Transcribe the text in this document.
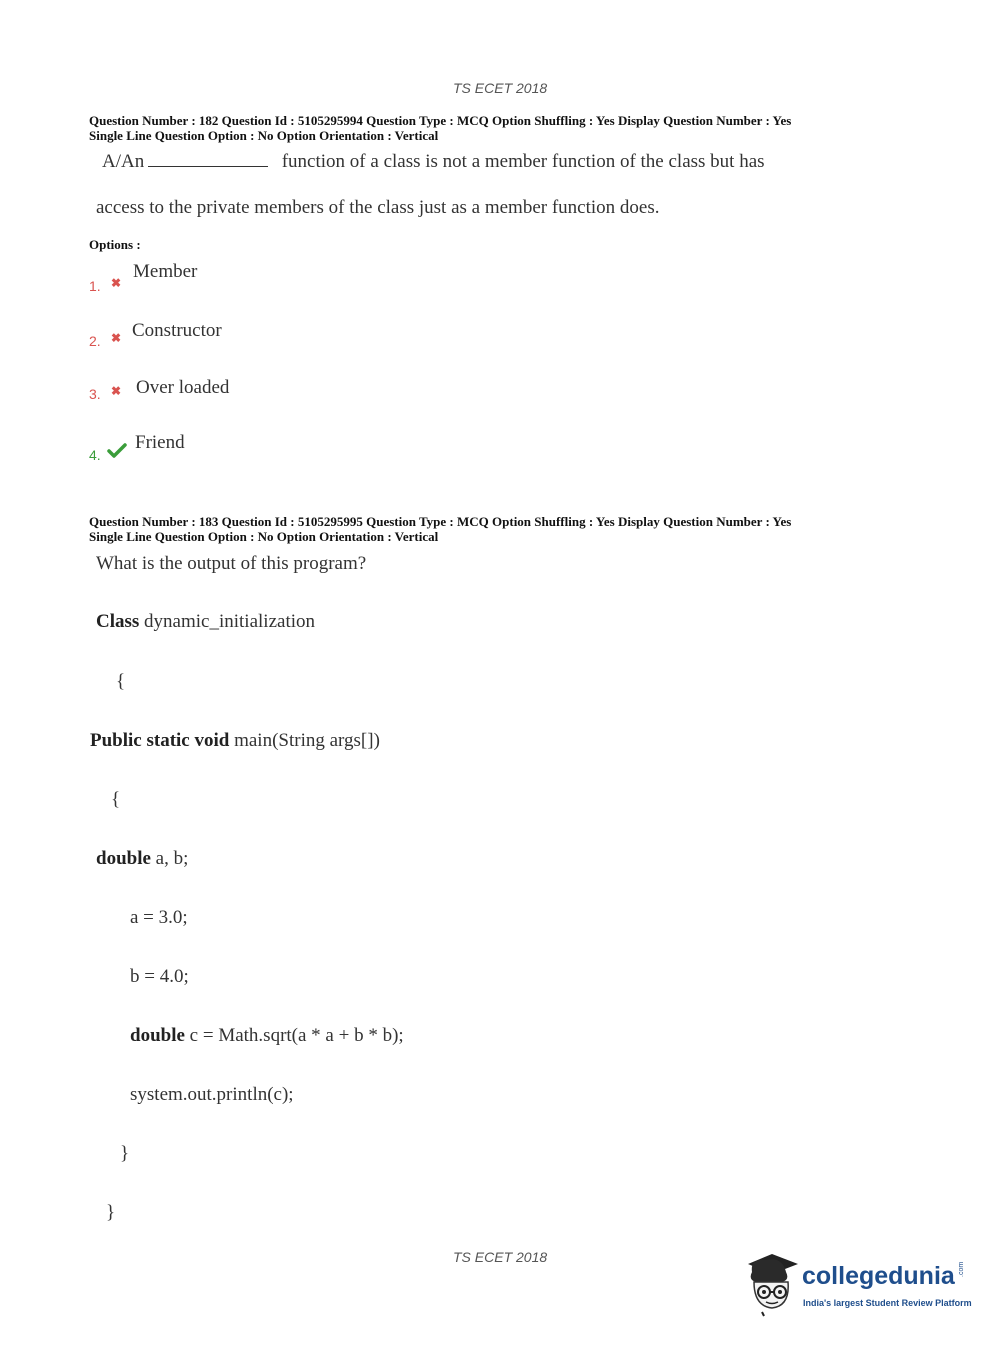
TS ECET 2018
Question Number : 182 Question Id : 5105295994 Question Type : MCQ Option Shuffling : Yes Display Question Number : Yes
Single Line Question Option : No Option Orientation : Vertical
A/An	function of a class is not a member function of the class but has
access to the private members of the class just as a member function does.
Options :
1. ✖
Member
2. ✖ Constructor
3. ✖ Over loaded
4.
Friend
Question Number : 183 Question Id : 5105295995 Question Type : MCQ Option Shuffling : Yes Display Question Number : Yes
Single Line Question Option : No Option Orientation : Vertical
What is the output of this program?
Class dynamic_initialization
{
Public static void main(String args[])
{
double a, b;
a = 3.0;
b = 4.0;
double c = Math.sqrt(a * a + b * b);
system.out.println(c);
}
}
TS ECET 2018
collegedunia .com
India's largest Student Review Platform
